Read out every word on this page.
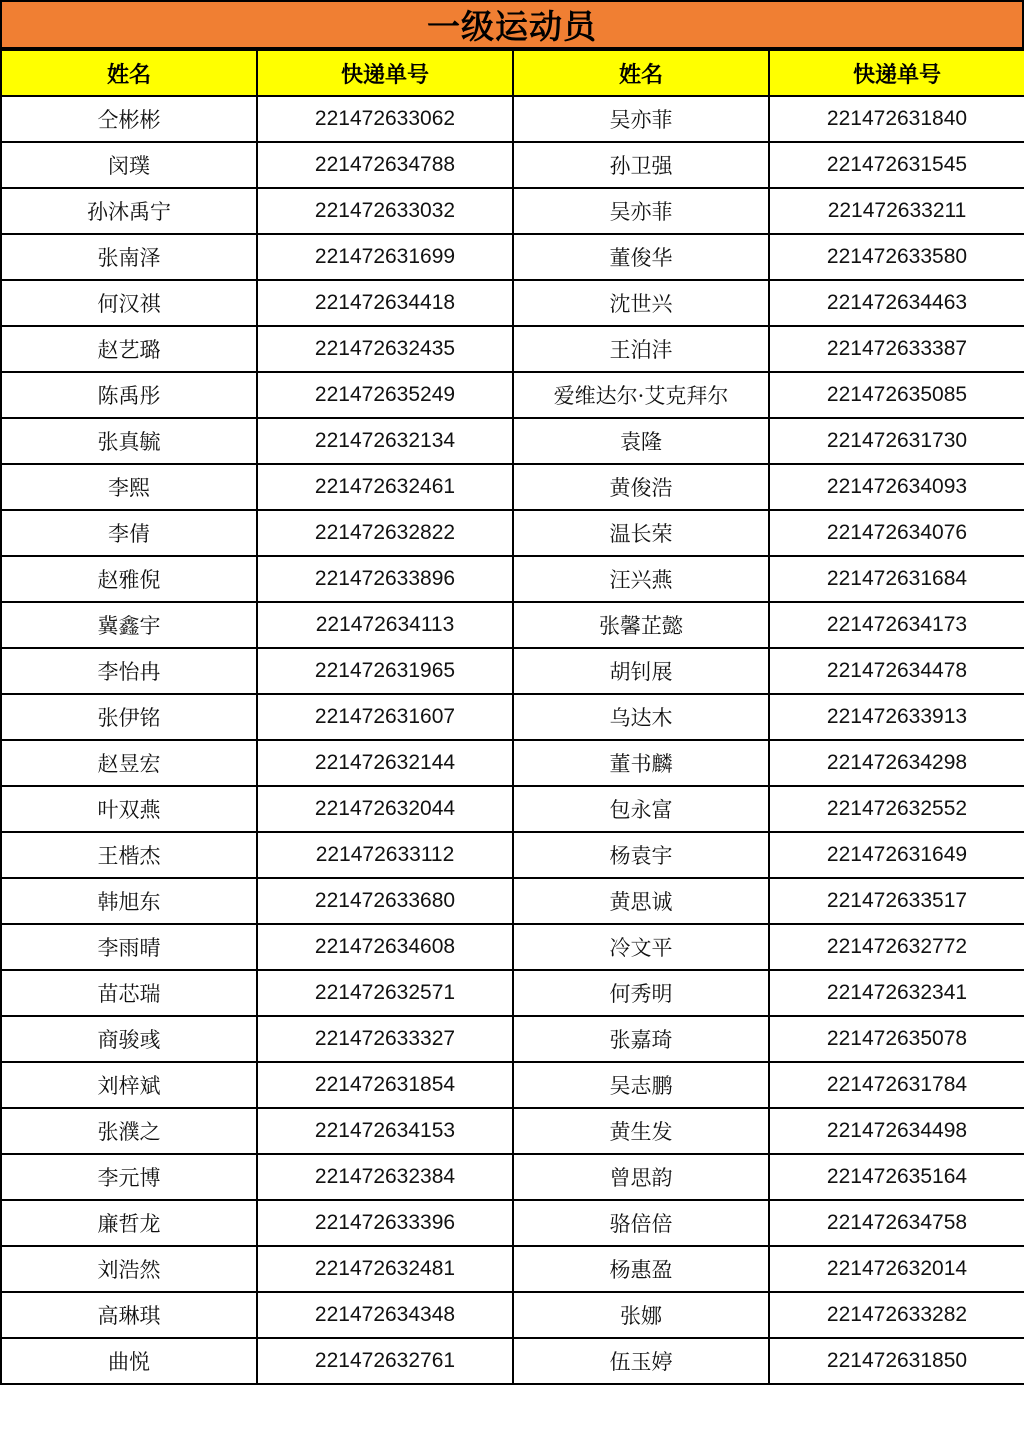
一级运动员
姓名	快递单号	姓名	快递单号
仝彬彬	221472633062	吴亦菲	221472631840
闵璞	221472634788	孙卫强	221472631545
孙沐禹宁	221472633032	吴亦菲	221472633211
张南泽	221472631699	董俊华	221472633580
何汉祺	221472634418	沈世兴	221472634463
赵艺璐	221472632435	王泊沣	221472633387
陈禹彤	221472635249	爱维达尔·艾克拜尔	221472635085
张真毓	221472632134	袁隆	221472631730
李熙	221472632461	黄俊浩	221472634093
李倩	221472632822	温长荣	221472634076
赵雅倪	221472633896	汪兴燕	221472631684
冀鑫宇	221472634113	张馨芷懿	221472634173
李怡冉	221472631965	胡钊展	221472634478
张伊铭	221472631607	乌达木	221472633913
赵昱宏	221472632144	董书麟	221472634298
叶双燕	221472632044	包永富	221472632552
王楷杰	221472633112	杨袁宇	221472631649
韩旭东	221472633680	黄思诚	221472633517
李雨晴	221472634608	冷文平	221472632772
苗芯瑞	221472632571	何秀明	221472632341
商骏彧	221472633327	张嘉琦	221472635078
刘梓斌	221472631854	吴志鹏	221472631784
张濮之	221472634153	黄生发	221472634498
李元博	221472632384	曾思韵	221472635164
廉哲龙	221472633396	骆倍倍	221472634758
刘浩然	221472632481	杨惠盈	221472632014
高琳琪	221472634348	张娜	221472633282
曲悦	221472632761	伍玉婷	221472631850
